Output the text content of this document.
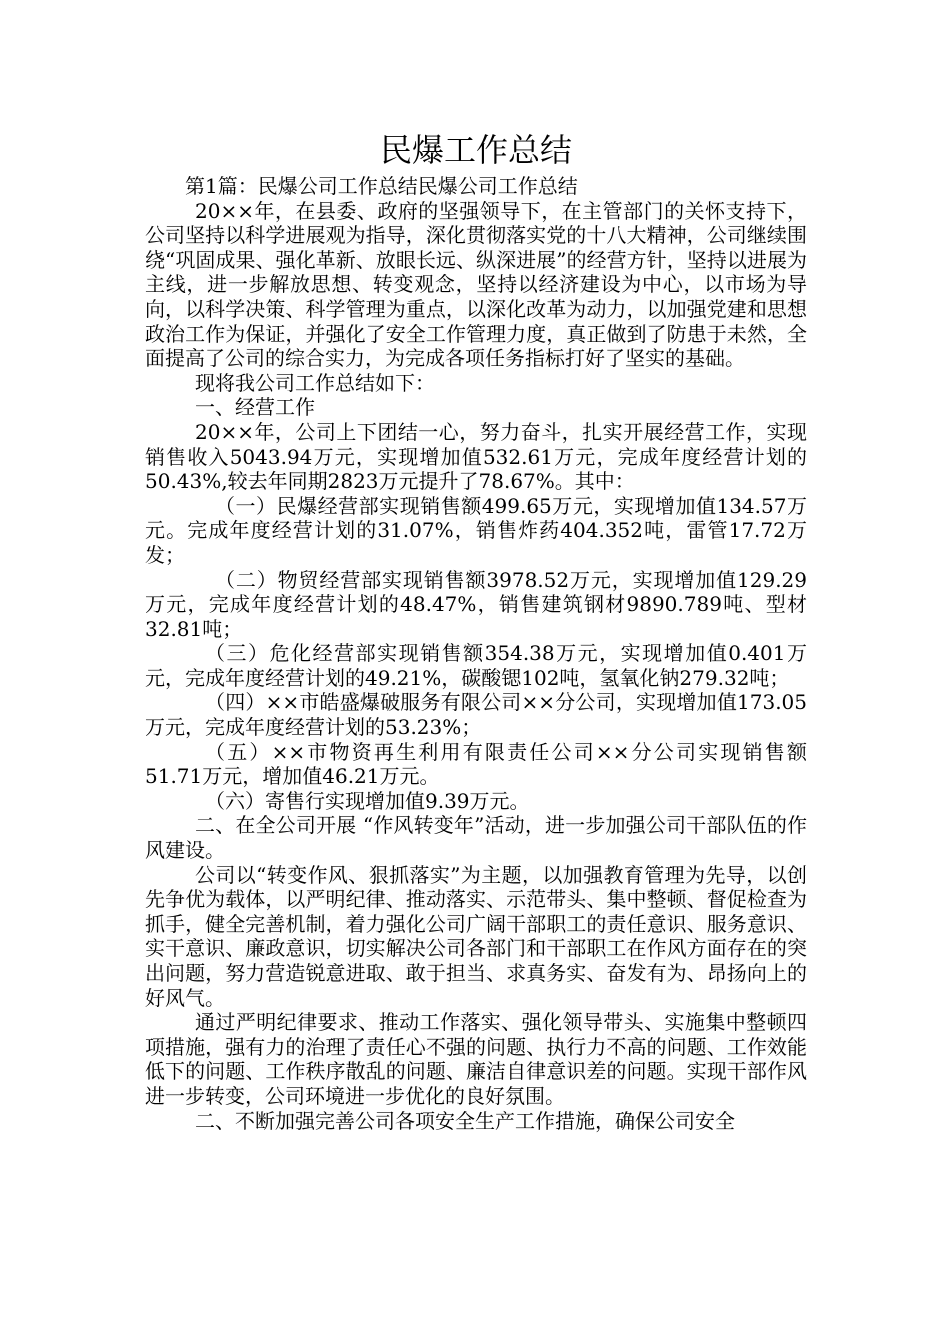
民爆工作总结

第1篇：民爆公司工作总结民爆公司工作总结

20××年，在县委、政府的坚强领导下，在主管部门的关怀支持下，公司坚持以科学进展观为指导，深化贯彻落实党的十八大精神，公司继续围绕“巩固成果、强化革新、放眼长远、纵深进展”的经营方针，坚持以进展为主线，进一步解放思想、转变观念，坚持以经济建设为中心，以市场为导向，以科学决策、科学管理为重点，以深化改革为动力，以加强党建和思想政治工作为保证，并强化了安全工作管理力度，真正做到了防患于未然，全面提高了公司的综合实力，为完成各项任务指标打好了坚实的基础。

现将我公司工作总结如下：

一、经营工作

20××年，公司上下团结一心，努力奋斗，扎实开展经营工作，实现销售收入5043.94万元，实现增加值532.61万元，完成年度经营计划的50.43%,较去年同期2823万元提升了78.67%。其中：

（一）民爆经营部实现销售额499.65万元，实现增加值134.57万元。完成年度经营计划的31.07%，销售炸药404.352吨，雷管17.72万发；

（二）物贸经营部实现销售额3978.52万元，实现增加值129.29万元，完成年度经营计划的48.47%，销售建筑钢材9890.789吨、型材32.81吨；

（三）危化经营部实现销售额354.38万元，实现增加值0.401万元，完成年度经营计划的49.21%，碳酸锶102吨，氢氧化钠279.32吨；

（四）××市皓盛爆破服务有限公司××分公司，实现增加值173.05万元，完成年度经营计划的53.23%；

（五）××市物资再生利用有限责任公司××分公司实现销售额51.71万元，增加值46.21万元。

（六）寄售行实现增加值9.39万元。

二、在全公司开展 “作风转变年”活动，进一步加强公司干部队伍的作风建设。

公司以“转变作风、狠抓落实”为主题，以加强教育管理为先导，以创先争优为载体，以严明纪律、推动落实、示范带头、集中整顿、督促检查为抓手，健全完善机制，着力强化公司广阔干部职工的责任意识、服务意识、实干意识、廉政意识，切实解决公司各部门和干部职工在作风方面存在的突出问题，努力营造锐意进取、敢于担当、求真务实、奋发有为、昂扬向上的好风气。

通过严明纪律要求、推动工作落实、强化领导带头、实施集中整顿四项措施，强有力的治理了责任心不强的问题、执行力不高的问题、工作效能低下的问题、工作秩序散乱的问题、廉洁自律意识差的问题。实现干部作风进一步转变，公司环境进一步优化的良好氛围。

二、不断加强完善公司各项安全生产工作措施，确保公司安全
